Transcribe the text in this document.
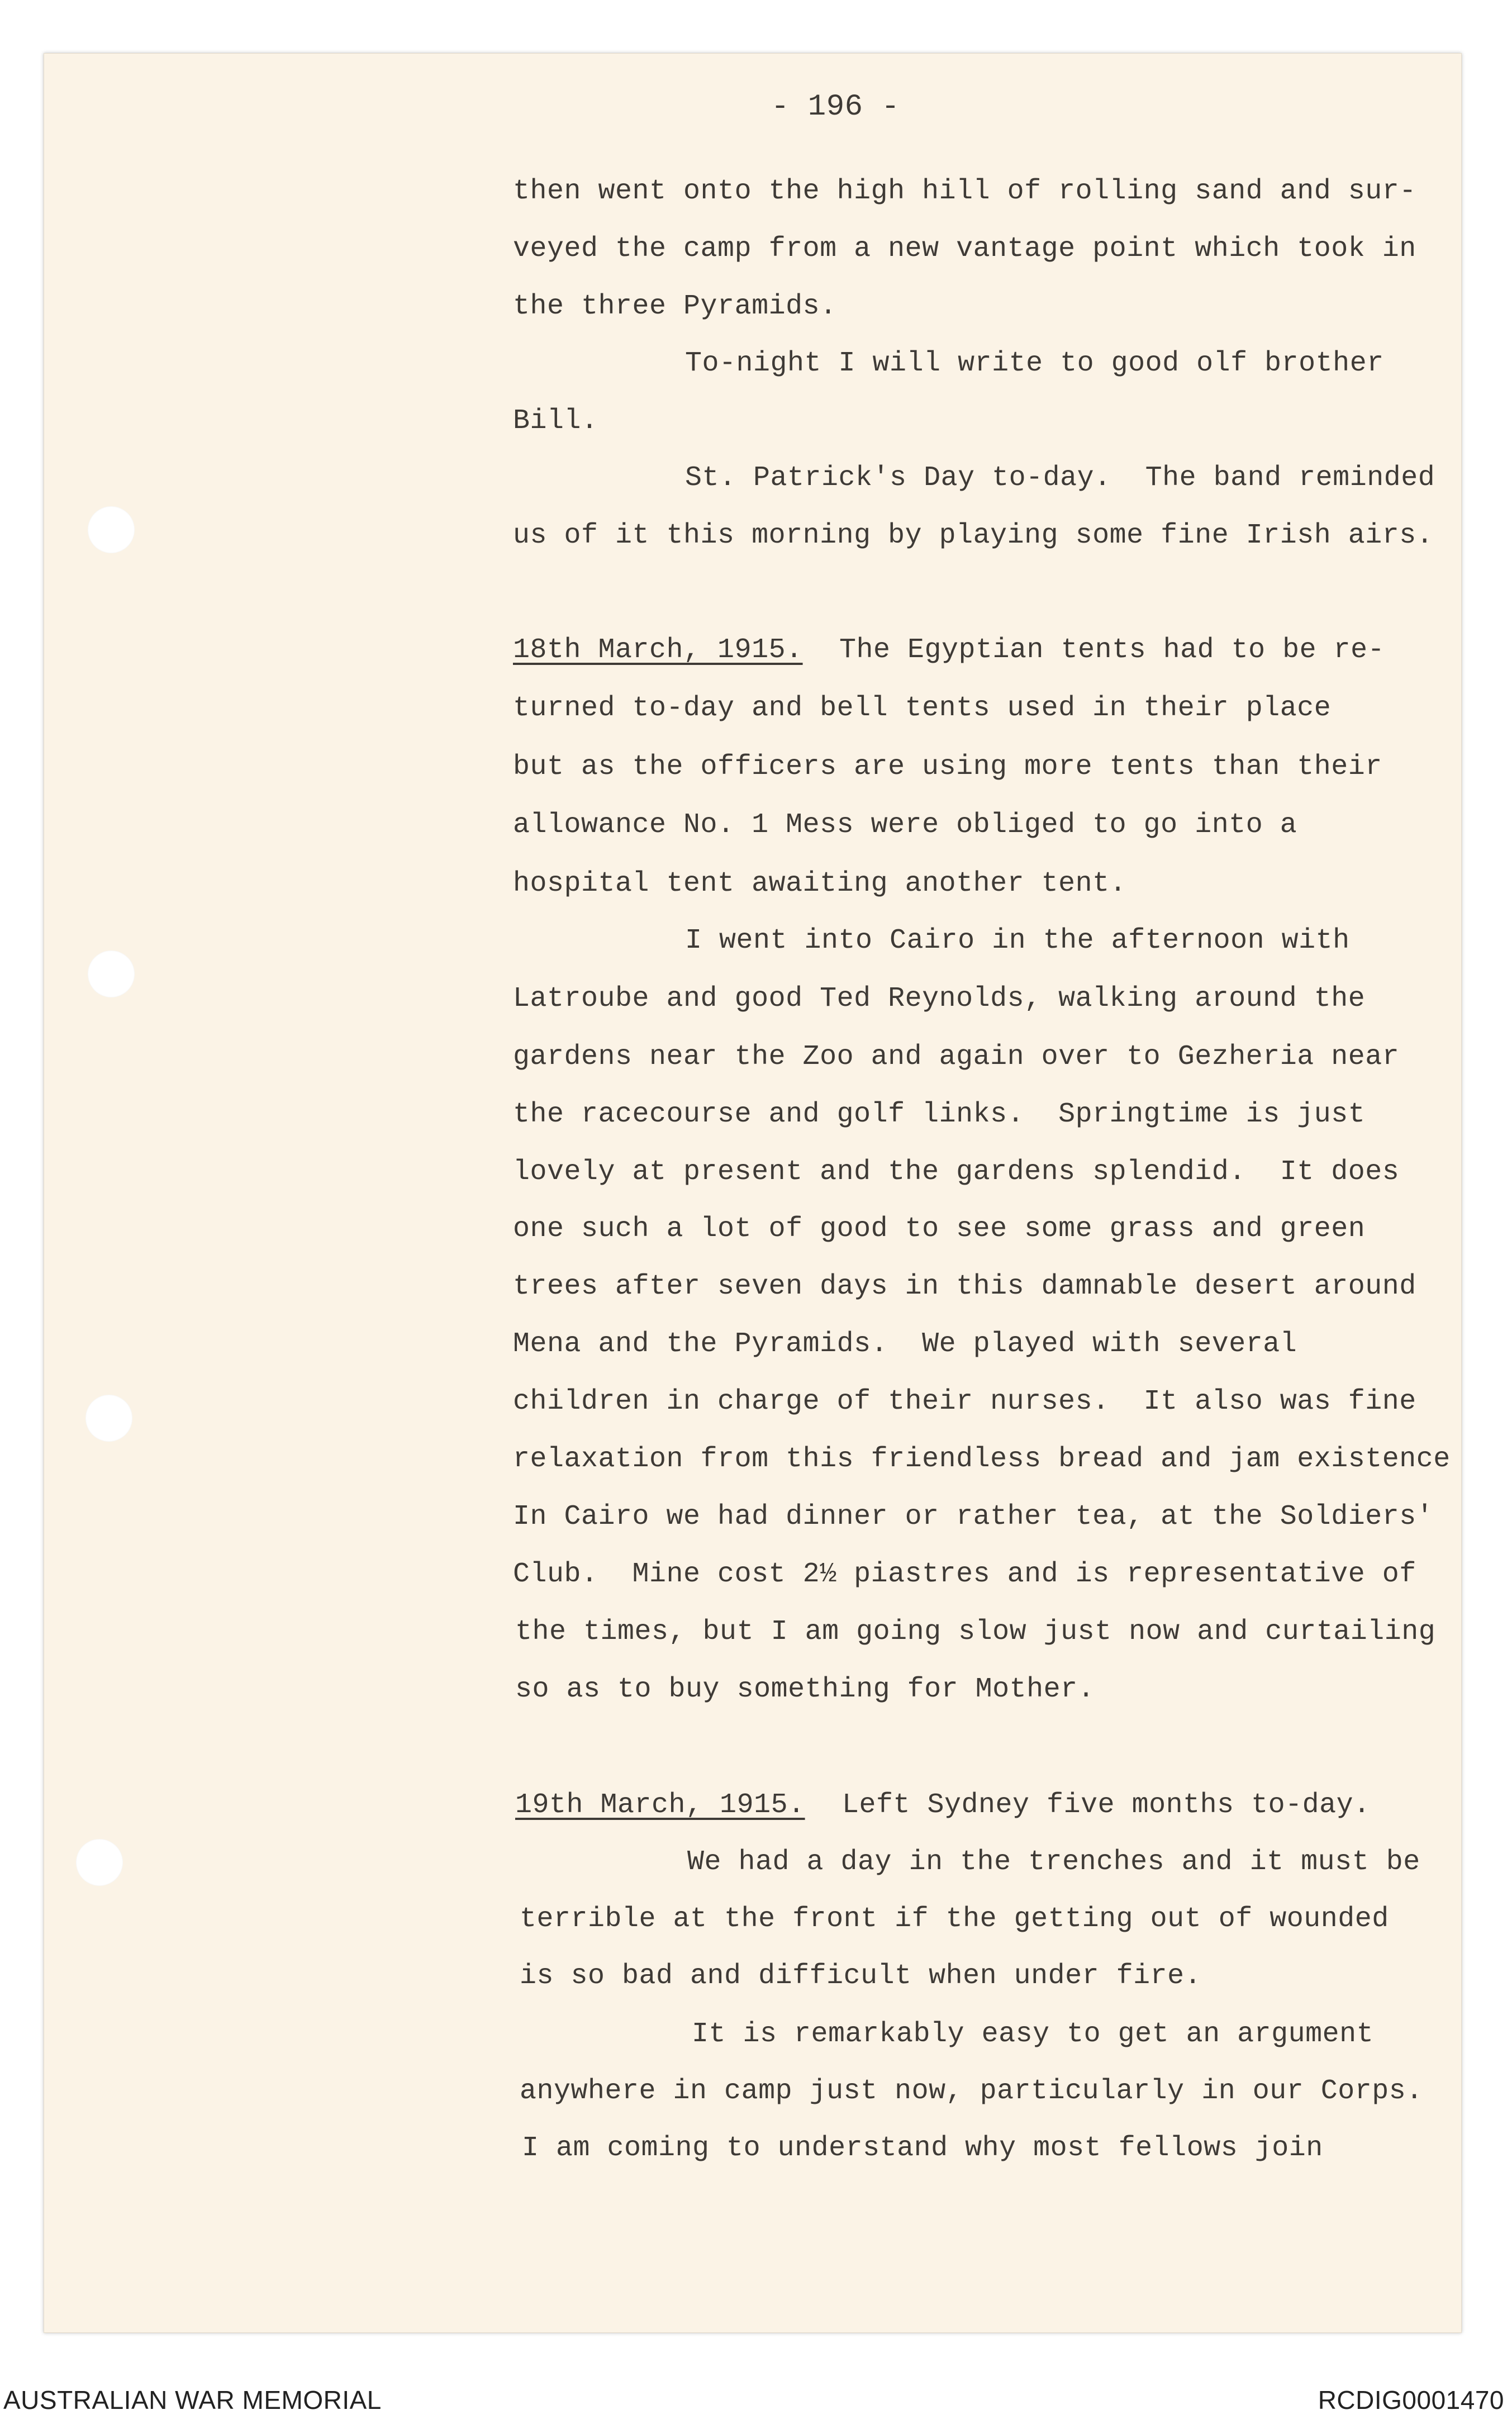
- 196 -
then went onto the high hill of rolling sand and sur-
veyed the camp from a new vantage point which took in
the three Pyramids.
To-night I will write to good olf brother
Bill.
St. Patrick's Day to-day.  The band reminded
us of it this morning by playing some fine Irish airs.
18th March, 1915. The Egyptian tents had to be re-
turned to-day and bell tents used in their place
but as the officers are using more tents than their
allowance No. 1 Mess were obliged to go into a
hospital tent awaiting another tent.
I went into Cairo in the afternoon with
Latroube and good Ted Reynolds, walking around the
gardens near the Zoo and again over to Gezheria near
the racecourse and golf links.  Springtime is just
lovely at present and the gardens splendid.  It does
one such a lot of good to see some grass and green
trees after seven days in this damnable desert around
Mena and the Pyramids.  We played with several
children in charge of their nurses.  It also was fine
relaxation from this friendless bread and jam existence
In Cairo we had dinner or rather tea, at the Soldiers'
Club.  Mine cost 2½ piastres and is representative of
the times, but I am going slow just now and curtailing
so as to buy something for Mother.
19th March, 1915. Left Sydney five months to-day.
We had a day in the trenches and it must be
terrible at the front if the getting out of wounded
is so bad and difficult when under fire.
It is remarkably easy to get an argument
anywhere in camp just now, particularly in our Corps.
I am coming to understand why most fellows join
AUSTRALIAN WAR MEMORIAL	RCDIG0001470
